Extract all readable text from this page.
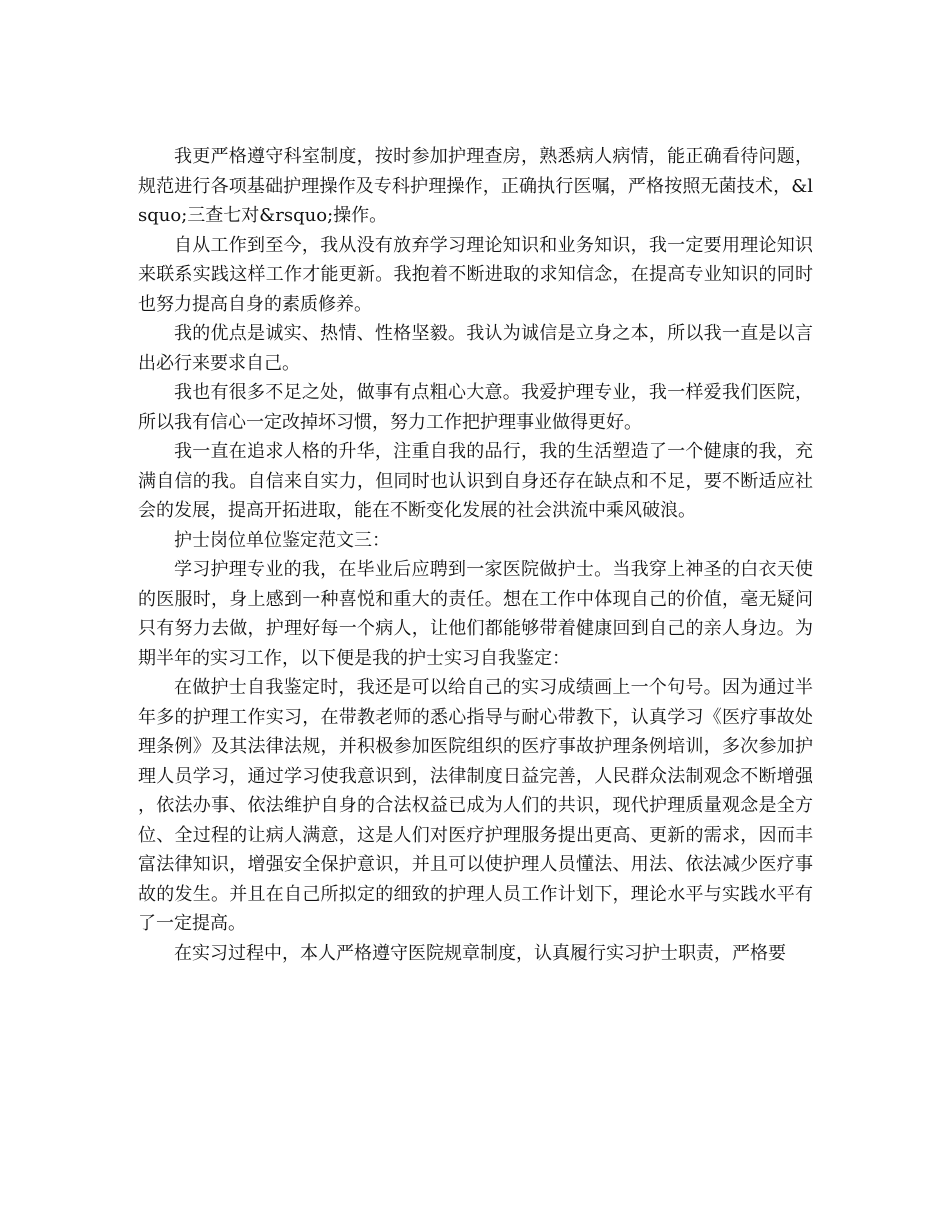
我更严格遵守科室制度，按时参加护理查房，熟悉病人病情，能正确看待问题，规范进行各项基础护理操作及专科护理操作，正确执行医嘱，严格按照无菌技术，&lsquo;三查七对&rsquo;操作。

自从工作到至今，我从没有放弃学习理论知识和业务知识，我一定要用理论知识来联系实践这样工作才能更新。我抱着不断进取的求知信念，在提高专业知识的同时也努力提高自身的素质修养。

我的优点是诚实、热情、性格坚毅。我认为诚信是立身之本，所以我一直是以言出必行来要求自己。

我也有很多不足之处，做事有点粗心大意。我爱护理专业，我一样爱我们医院，所以我有信心一定改掉坏习惯，努力工作把护理事业做得更好。

我一直在追求人格的升华，注重自我的品行，我的生活塑造了一个健康的我，充满自信的我。自信来自实力，但同时也认识到自身还存在缺点和不足，要不断适应社会的发展，提高开拓进取，能在不断变化发展的社会洪流中乘风破浪。

护士岗位单位鉴定范文三：

学习护理专业的我，在毕业后应聘到一家医院做护士。当我穿上神圣的白衣天使的医服时，身上感到一种喜悦和重大的责任。想在工作中体现自己的价值，毫无疑问只有努力去做，护理好每一个病人，让他们都能够带着健康回到自己的亲人身边。为期半年的实习工作，以下便是我的护士实习自我鉴定：

在做护士自我鉴定时，我还是可以给自己的实习成绩画上一个句号。因为通过半年多的护理工作实习，在带教老师的悉心指导与耐心带教下，认真学习《医疗事故处理条例》及其法律法规，并积极参加医院组织的医疗事故护理条例培训，多次参加护理人员学习，通过学习使我意识到，法律制度日益完善，人民群众法制观念不断增强，依法办事、依法维护自身的合法权益已成为人们的共识，现代护理质量观念是全方位、全过程的让病人满意，这是人们对医疗护理服务提出更高、更新的需求，因而丰富法律知识，增强安全保护意识，并且可以使护理人员懂法、用法、依法减少医疗事故的发生。并且在自己所拟定的细致的护理人员工作计划下，理论水平与实践水平有了一定提高。

在实习过程中，本人严格遵守医院规章制度，认真履行实习护士职责，严格要
